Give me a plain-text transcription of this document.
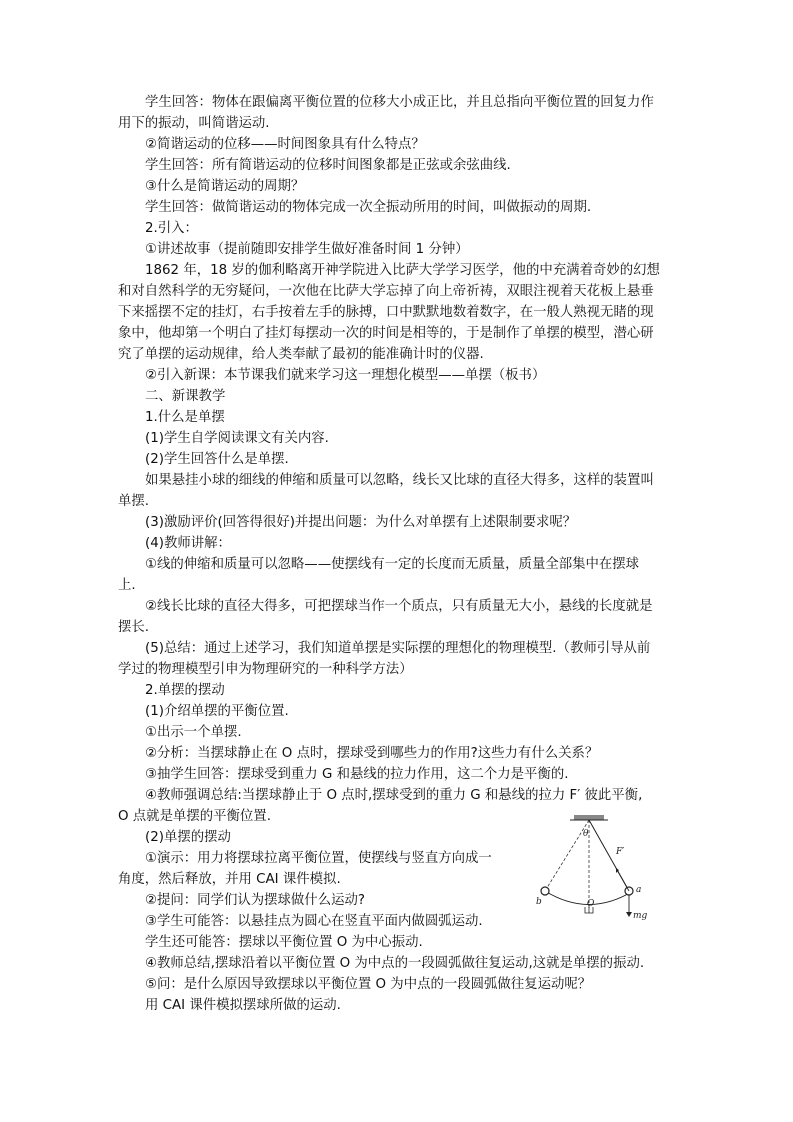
学生回答：物体在跟偏离平衡位置的位移大小成正比，并且总指向平衡位置的回复力作

用下的振动，叫简谐运动.

②简谐运动的位移——时间图象具有什么特点？

学生回答：所有简谐运动的位移时间图象都是正弦或余弦曲线.

③什么是简谐运动的周期？

学生回答：做简谐运动的物体完成一次全振动所用的时间，叫做振动的周期.

2.引入：

①讲述故事（提前随即安排学生做好准备时间 1 分钟）

1862 年，18 岁的伽利略离开神学院进入比萨大学学习医学，他的中充满着奇妙的幻想

和对自然科学的无穷疑问，一次他在比萨大学忘掉了向上帝祈祷，双眼注视着天花板上悬垂

下来摇摆不定的挂灯，右手按着左手的脉搏，口中默默地数着数字，在一般人熟视无睹的现

象中，他却第一个明白了挂灯每摆动一次的时间是相等的，于是制作了单摆的模型，潜心研

究了单摆的运动规律，给人类奉献了最初的能准确计时的仪器.

②引入新课：本节课我们就来学习这一理想化模型——单摆（板书）

二、新课教学

1.什么是单摆

(1)学生自学阅读课文有关内容.

(2)学生回答什么是单摆.

如果悬挂小球的细线的伸缩和质量可以忽略，线长又比球的直径大得多，这样的装置叫

单摆.

(3)激励评价(回答得很好)并提出问题：为什么对单摆有上述限制要求呢？

(4)教师讲解：

①线的伸缩和质量可以忽略——使摆线有一定的长度而无质量，质量全部集中在摆球

上.

②线长比球的直径大得多，可把摆球当作一个质点，只有质量无大小，悬线的长度就是

摆长.

(5)总结：通过上述学习，我们知道单摆是实际摆的理想化的物理模型.（教师引导从前

学过的物理模型引申为物理研究的一种科学方法）

2.单摆的摆动

(1)介绍单摆的平衡位置.

①出示一个单摆.

②分析：当摆球静止在 O 点时，摆球受到哪些力的作用?这些力有什么关系？

③抽学生回答：摆球受到重力 G 和悬线的拉力作用，这二个力是平衡的.

④教师强调总结:当摆球静止于 O 点时,摆球受到的重力 G 和悬线的拉力 F′ 彼此平衡,

O 点就是单摆的平衡位置.

(2)单摆的摆动

①演示：用力将摆球拉离平衡位置，使摆线与竖直方向成一

角度，然后释放，并用 CAI 课件模拟.

②提问：同学们认为摆球做什么运动?

③学生可能答：以悬挂点为圆心在竖直平面内做圆弧运动.

学生还可能答：摆球以平衡位置 O 为中心振动.

④教师总结,摆球沿着以平衡位置 O 为中点的一段圆弧做往复运动,这就是单摆的振动.

⑤问：是什么原因导致摆球以平衡位置 O 为中点的一段圆弧做往复运动呢？

用 CAI 课件模拟摆球所做的运动.

θ
F′
a
b	O
mg
